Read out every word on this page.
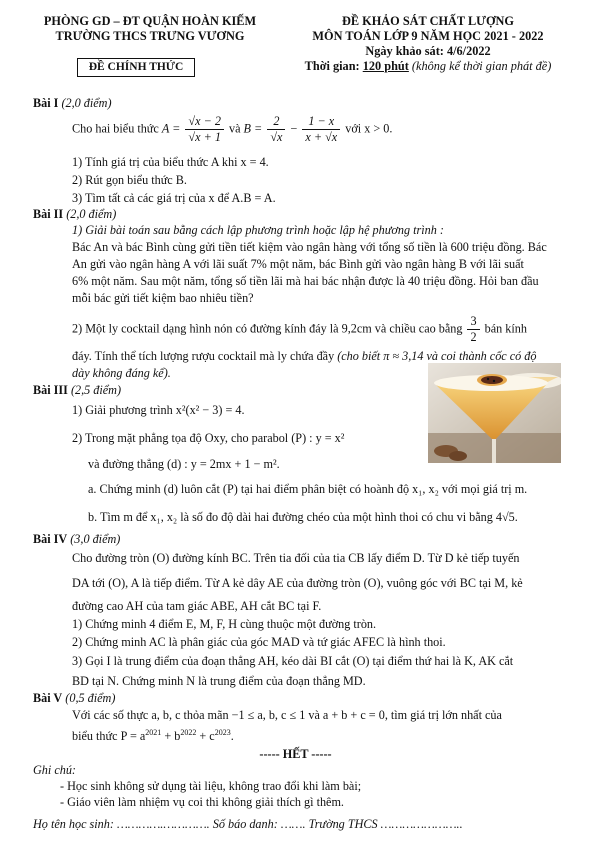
PHÒNG GD – ĐT QUẬN HOÀN KIẾM
TRƯỜNG THCS TRƯNG VƯƠNG
ĐỀ CHÍNH THỨC
ĐỀ KHẢO SÁT CHẤT LƯỢNG
MÔN TOÁN LỚP 9 NĂM HỌC 2021 - 2022
Ngày khảo sát: 4/6/2022
Thời gian: 120 phút (không kể thời gian phát đề)
Bài I (2,0 điểm)
Cho hai biểu thức $A = \frac{√x - 2}{√x + 1}$ và $B = \frac{2}{√x} - \frac{1 - x}{x + √x}$ với x > 0.
1) Tính giá trị của biểu thức A khi x = 4.
2) Rút gọn biểu thức B.
3) Tìm tất cả các giá trị của x để A.B = A.
Bài II (2,0 điểm)
1) Giải bài toán sau bằng cách lập phương trình hoặc lập hệ phương trình :
Bác An và bác Bình cùng gửi tiền tiết kiệm vào ngân hàng với tổng số tiền là 600 triệu đồng. Bác
An gửi vào ngân hàng A với lãi suất 7% một năm, bác Bình gửi vào ngân hàng B với lãi suất
6% một năm. Sau một năm, tổng số tiền lãi mà hai bác nhận được là 40 triệu đồng. Hỏi ban đầu
mỗi bác gửi tiết kiệm bao nhiêu tiền?
2) Một ly cocktail dạng hình nón có đường kính đáy là 9,2cm và chiều cao bằng $\frac{3}{2}$ bán kính
đáy. Tính thể tích lượng rượu cocktail mà ly chứa đầy (cho biết π ≈ 3,14 và coi thành cốc có độ
dày không đáng kể).
Bài III (2,5 điểm)
1) Giải phương trình x²(x² − 3) = 4.
2) Trong mặt phẳng tọa độ Oxy, cho parabol (P) : y = x²
và đường thẳng (d) : y = 2mx + 1 − m².
a. Chứng minh (d) luôn cắt (P) tại hai điểm phân biệt có hoành độ x₁, x₂ với mọi giá trị m.
b. Tìm m để x₁, x₂ là số đo độ dài hai đường chéo của một hình thoi có chu vi bằng 4√5.
Bài IV (3,0 điểm)
Cho đường tròn (O) đường kính BC. Trên tia đối của tia CB lấy điểm D. Từ D kẻ tiếp tuyến
DA tới (O), A là tiếp điểm. Từ A kẻ dây AE của đường tròn (O), vuông góc với BC tại M, kẻ
đường cao AH của tam giác ABE, AH cắt BC tại F.
1) Chứng minh 4 điểm E, M, F, H cùng thuộc một đường tròn.
2) Chứng minh AC là phân giác của góc MAD và tứ giác AFEC là hình thoi.
3) Gọi I là trung điểm của đoạn thẳng AH, kéo dài BI cắt (O) tại điểm thứ hai là K, AK cắt
BD tại N. Chứng minh N là trung điểm của đoạn thẳng MD.
Bài V (0,5 điểm)
Với các số thực a, b, c thỏa mãn −1 ≤ a, b, c ≤ 1 và a + b + c = 0, tìm giá trị lớn nhất của
biểu thức $P = a^{2021} + b^{2022} + c^{2023}$.
----- HẾT -----
Ghi chú:
- Học sinh không sử dụng tài liệu, không trao đổi khi làm bài;
- Giáo viên làm nhiệm vụ coi thi không giải thích gì thêm.
Họ tên học sinh: ………….…………. Số báo danh: ……. Trường THCS …………………..
